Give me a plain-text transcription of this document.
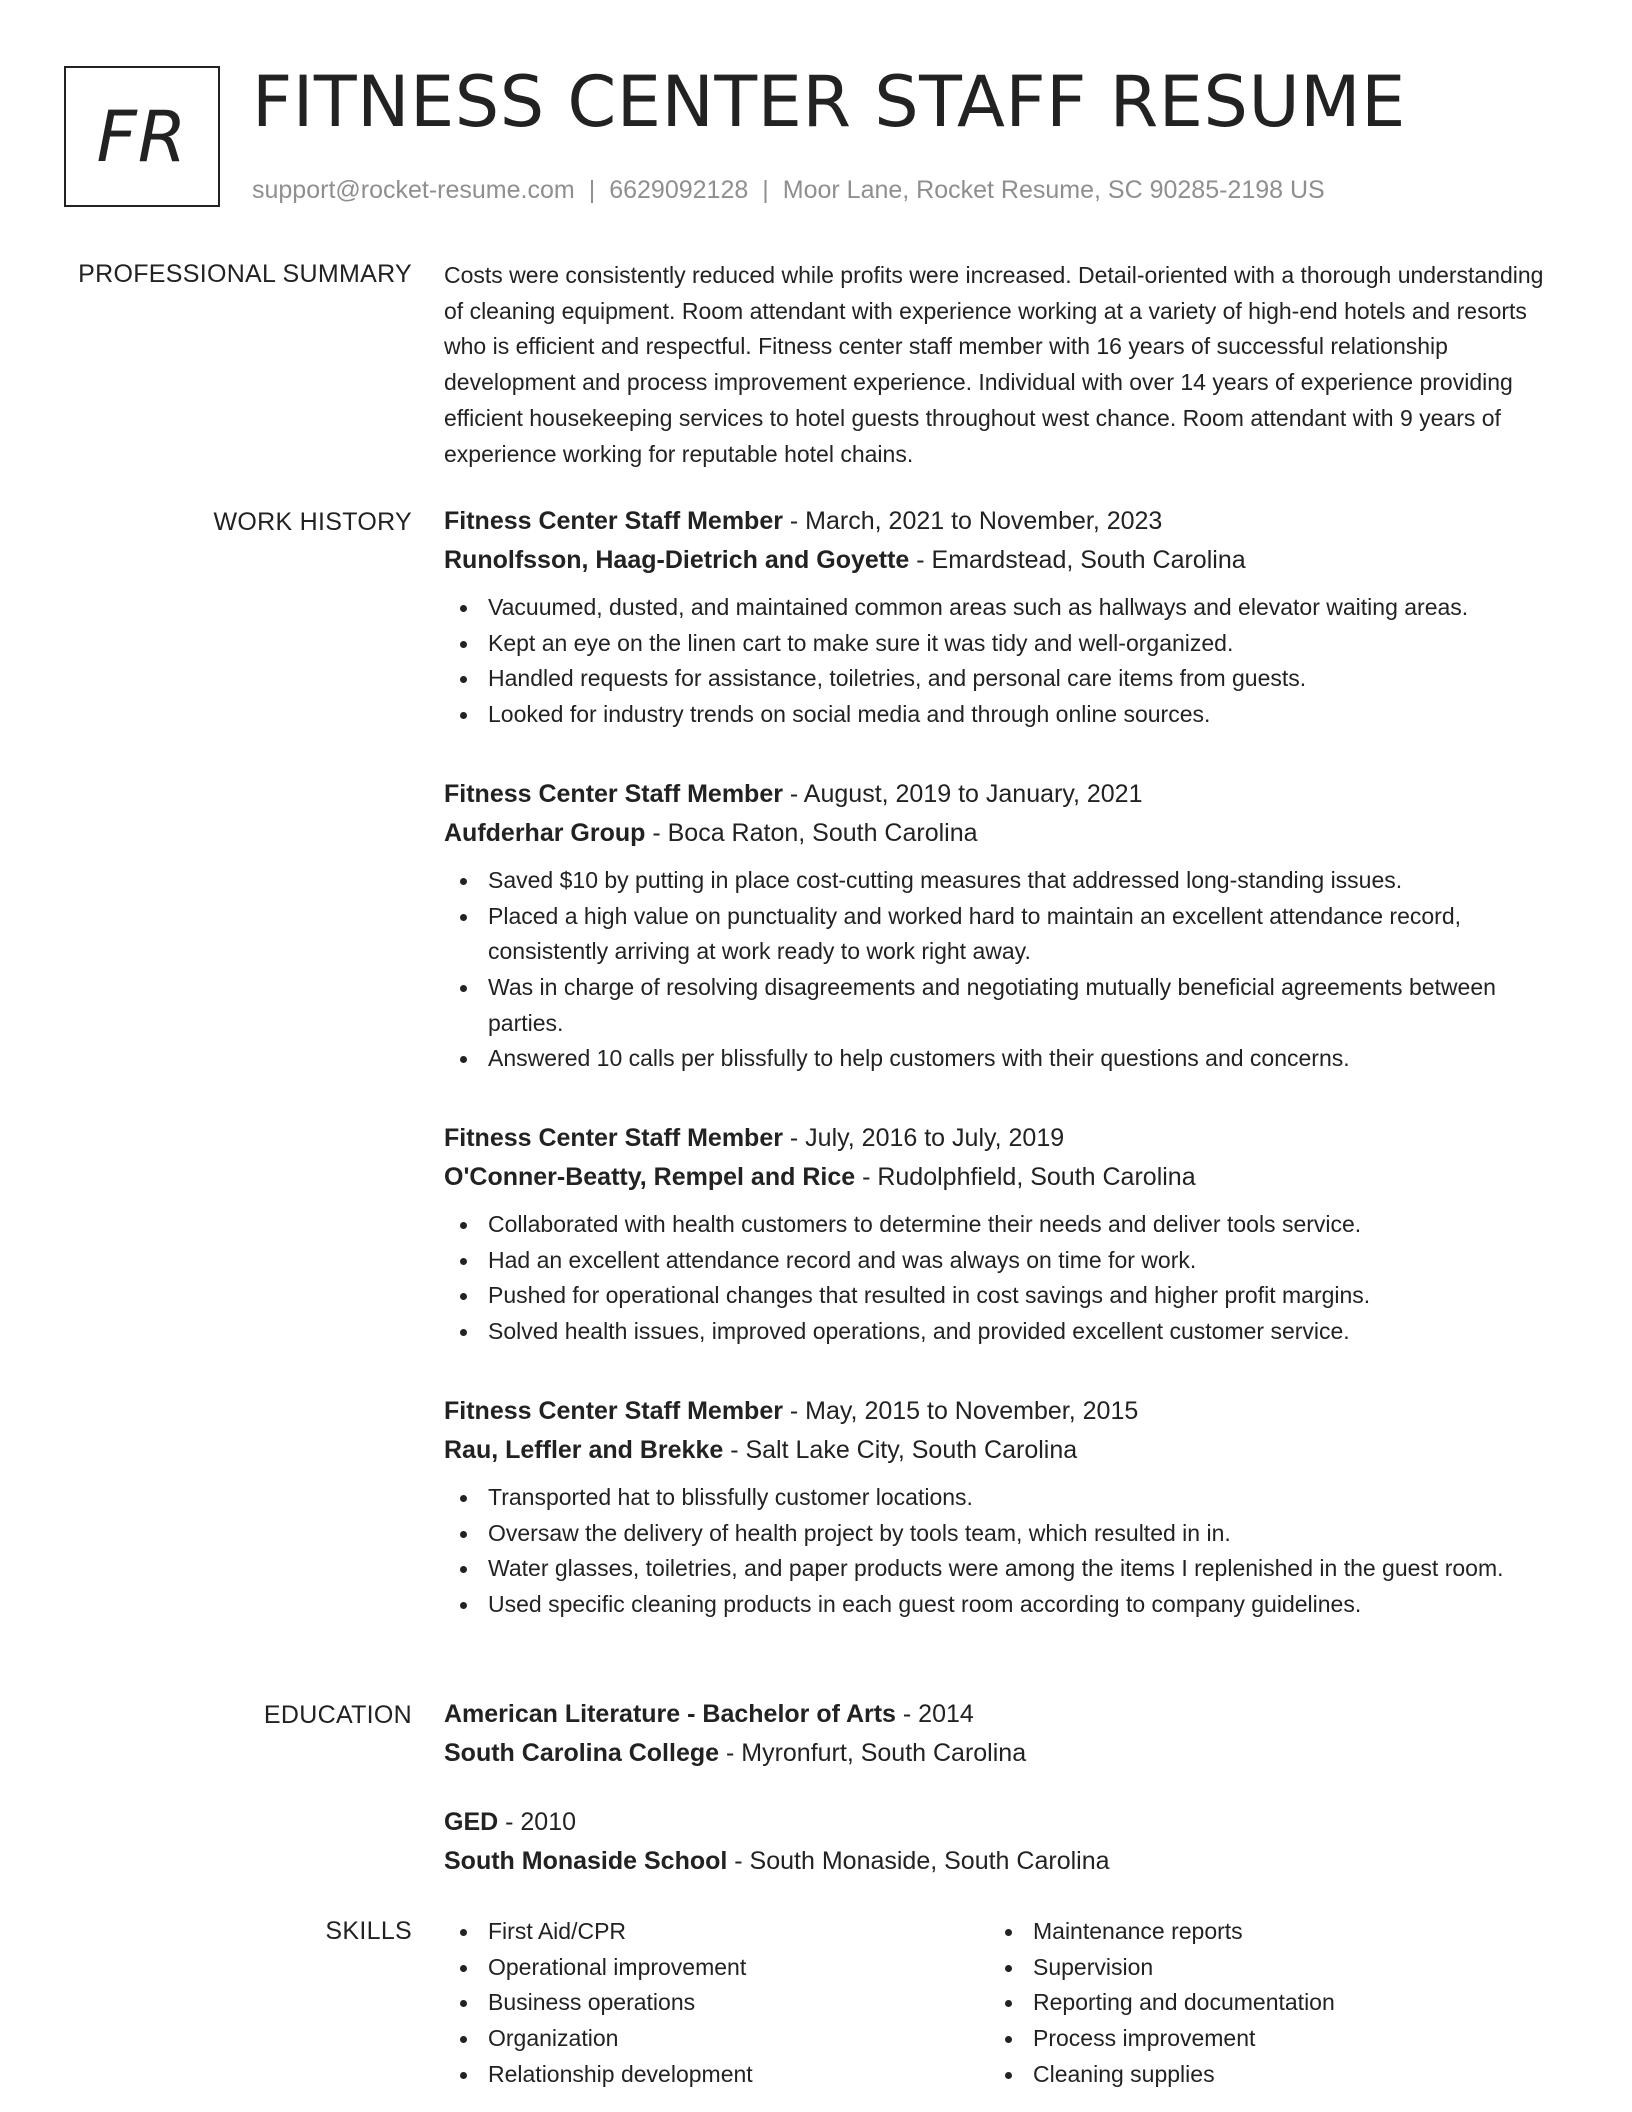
FR FITNESS CENTER STAFF RESUME
support@rocket-resume.com | 6629092128 | Moor Lane, Rocket Resume, SC 90285-2198 US
PROFESSIONAL SUMMARY Costs were consistently reduced while profits were increased. Detail-oriented with a thorough understanding of cleaning equipment. Room attendant with experience working at a variety of high-end hotels and resorts who is efficient and respectful. Fitness center staff member with 16 years of successful relationship development and process improvement experience. Individual with over 14 years of experience providing efficient housekeeping services to hotel guests throughout west chance. Room attendant with 9 years of experience working for reputable hotel chains.

WORK HISTORY Fitness Center Staff Member - March, 2021 to November, 2023

Runolfsson, Haag-Dietrich and Goyette - Emardstead, South Carolina

Vacuumed, dusted, and maintained common areas such as hallways and elevator waiting areas.
Kept an eye on the linen cart to make sure it was tidy and well-organized.
Handled requests for assistance, toiletries, and personal care items from guests.
Looked for industry trends on social media and through online sources.

Fitness Center Staff Member - August, 2019 to January, 2021

Aufderhar Group - Boca Raton, South Carolina

Saved $10 by putting in place cost-cutting measures that addressed long-standing issues.
Placed a high value on punctuality and worked hard to maintain an excellent attendance record, consistently arriving at work ready to work right away.
Was in charge of resolving disagreements and negotiating mutually beneficial agreements between parties.
Answered 10 calls per blissfully to help customers with their questions and concerns.

Fitness Center Staff Member - July, 2016 to July, 2019

O'Conner-Beatty, Rempel and Rice - Rudolphfield, South Carolina

Collaborated with health customers to determine their needs and deliver tools service.
Had an excellent attendance record and was always on time for work.
Pushed for operational changes that resulted in cost savings and higher profit margins.
Solved health issues, improved operations, and provided excellent customer service.

Fitness Center Staff Member - May, 2015 to November, 2015

Rau, Leffler and Brekke - Salt Lake City, South Carolina

Transported hat to blissfully customer locations.
Oversaw the delivery of health project by tools team, which resulted in in.
Water glasses, toiletries, and paper products were among the items I replenished in the guest room.
Used specific cleaning products in each guest room according to company guidelines.
EDUCATION American Literature - Bachelor of Arts - 2014

South Carolina College - Myronfurt, South Carolina

GED - 2010

South Monaside School - South Monaside, South Carolina

SKILLS	First Aid/CPR
Operational improvement
Business operations
Organization
Relationship development
Maintenance reports
Supervision
Reporting and documentation
Process improvement
Cleaning supplies
